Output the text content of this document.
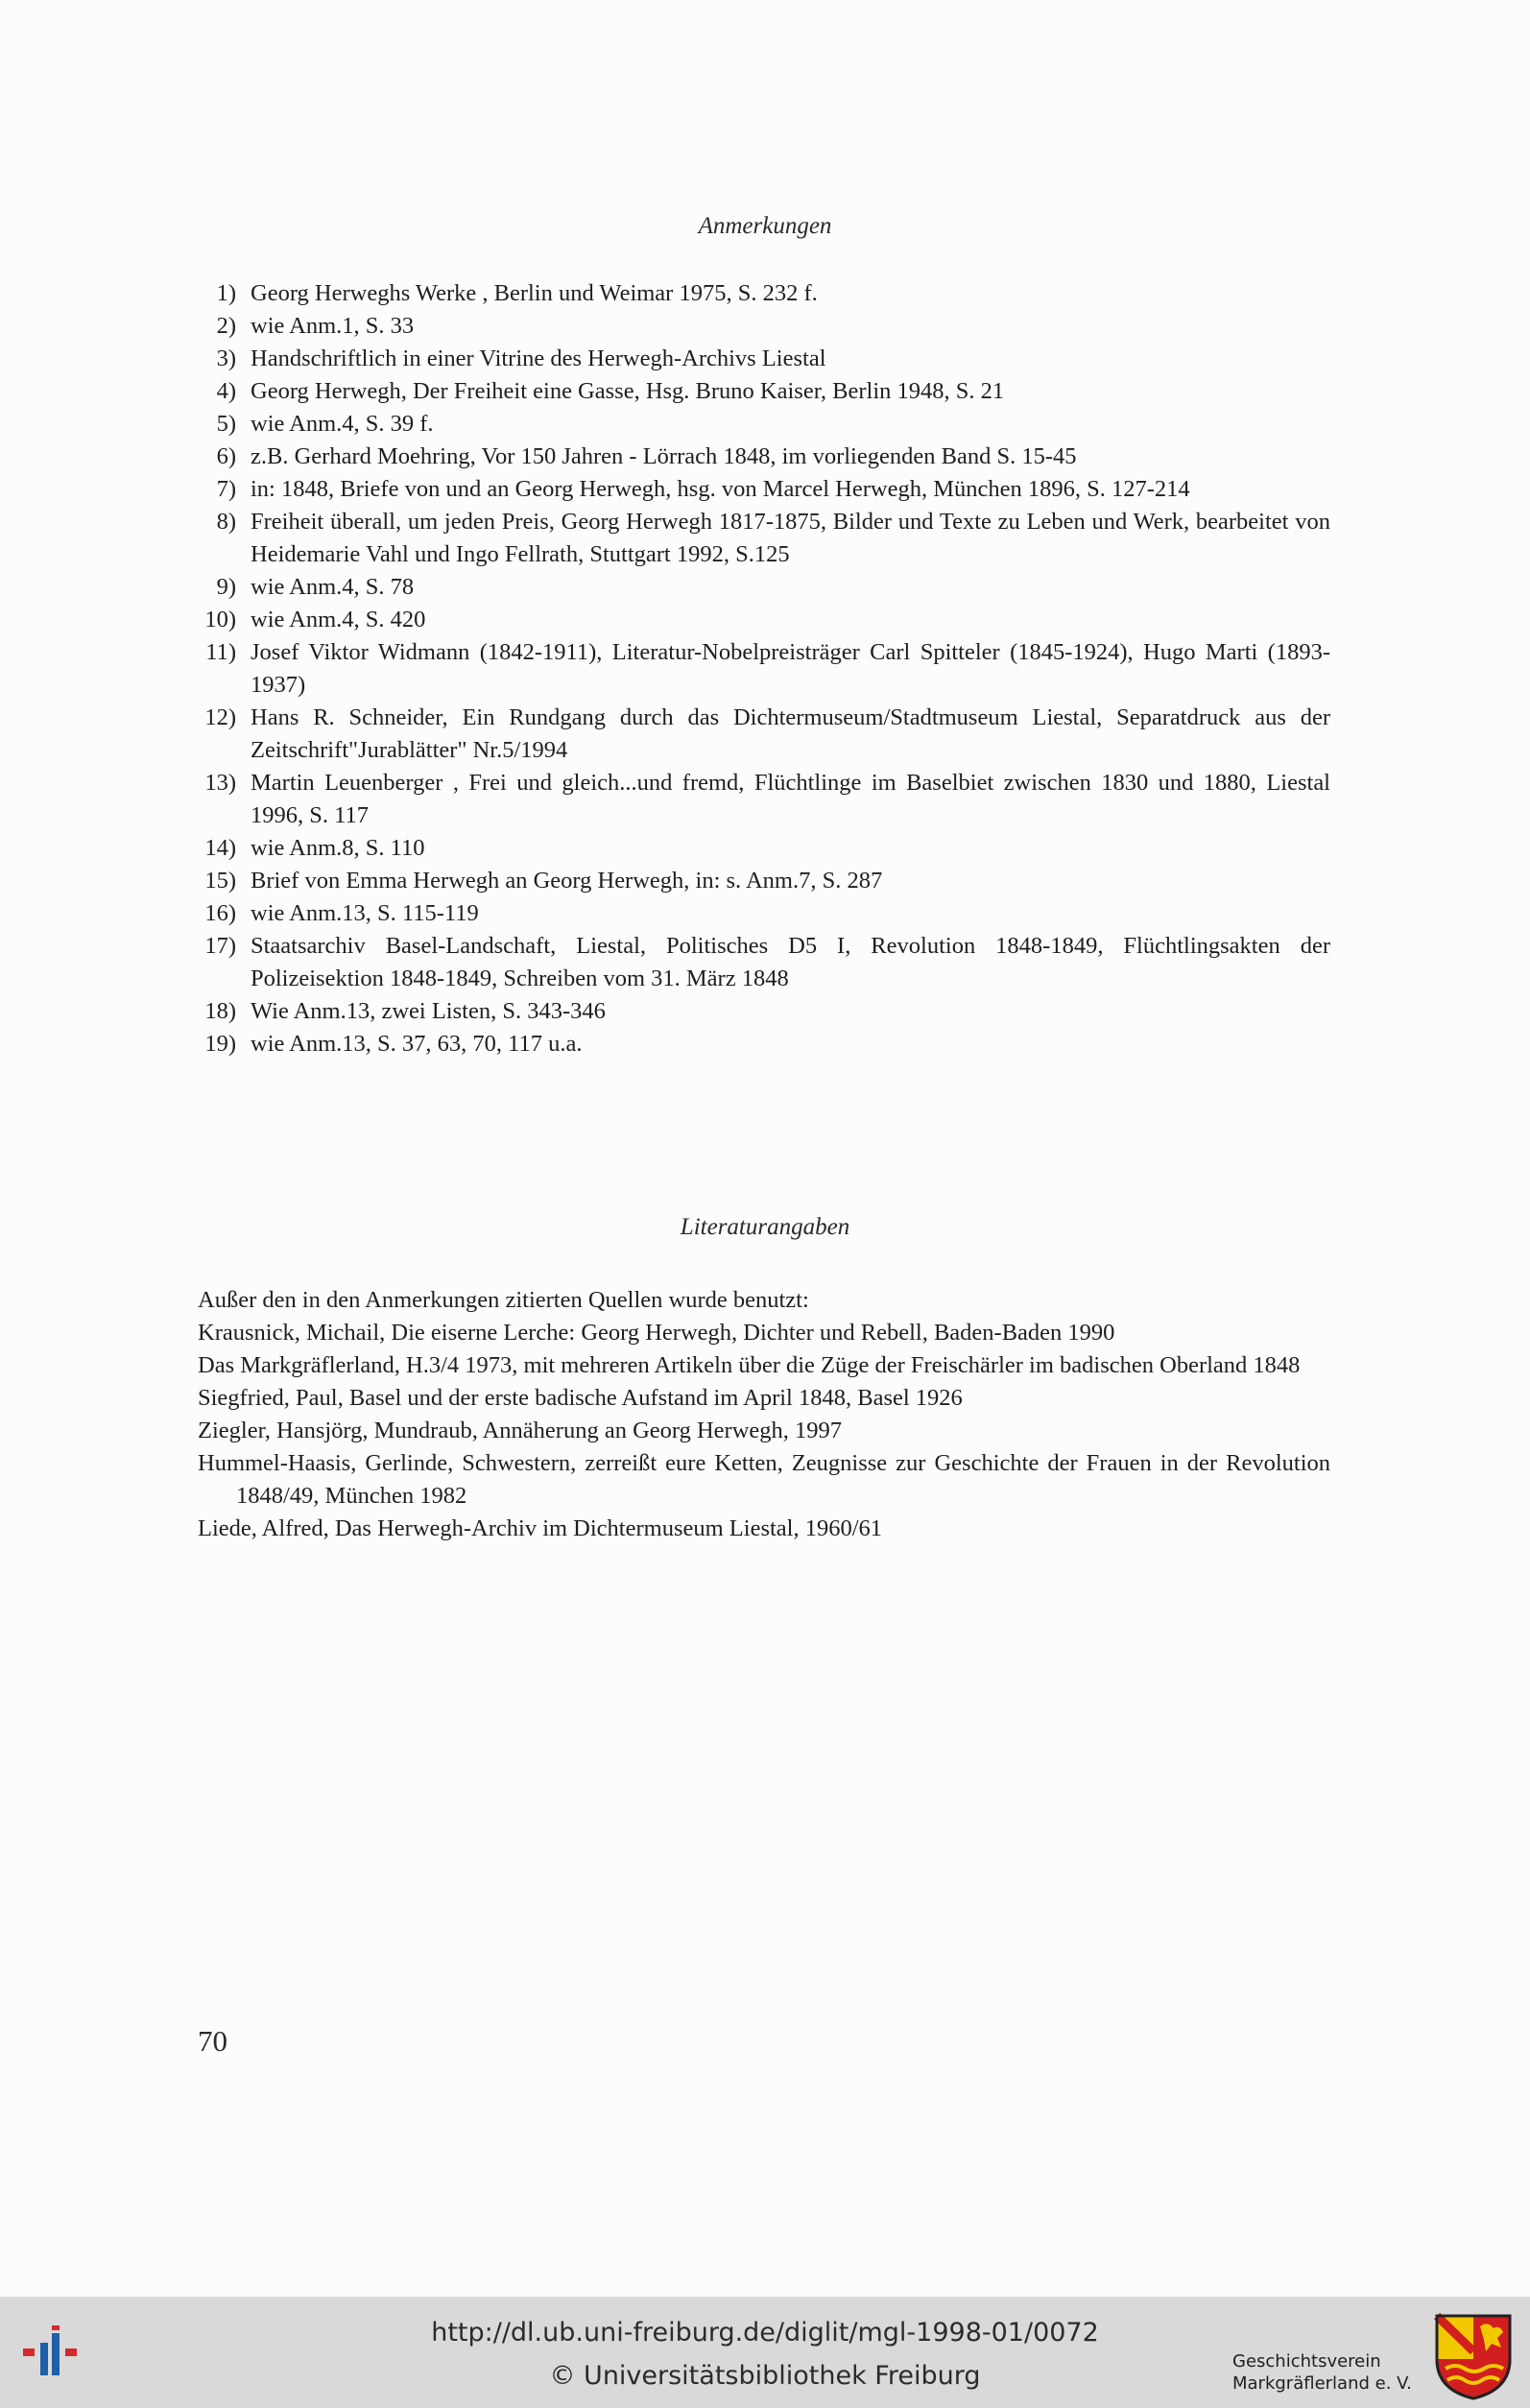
Anmerkungen
1) Georg Herweghs Werke , Berlin und Weimar 1975, S. 232 f.
2) wie Anm.1, S. 33
3) Handschriftlich in einer Vitrine des Herwegh-Archivs Liestal
4) Georg Herwegh, Der Freiheit eine Gasse, Hsg. Bruno Kaiser, Berlin 1948, S. 21
5) wie Anm.4, S. 39 f.
6) z.B. Gerhard Moehring, Vor 150 Jahren - Lörrach 1848, im vorliegenden Band S. 15-45
7) in: 1848, Briefe von und an Georg Herwegh, hsg. von Marcel Herwegh, München 1896, S. 127-214
8) Freiheit überall, um jeden Preis, Georg Herwegh 1817-1875, Bilder und Texte zu Leben und Werk, bearbeitet von Heidemarie Vahl und Ingo Fellrath, Stuttgart 1992, S.125
9) wie Anm.4, S. 78
10) wie Anm.4, S. 420
11) Josef Viktor Widmann (1842-1911), Literatur-Nobelpreisträger Carl Spitteler (1845-1924), Hugo Marti (1893-1937)
12) Hans R. Schneider, Ein Rundgang durch das Dichtermuseum/Stadtmuseum Liestal, Separatdruck aus der Zeitschrift"Jurablätter" Nr.5/1994
13) Martin Leuenberger , Frei und gleich...und fremd, Flüchtlinge im Baselbiet zwischen 1830 und 1880, Liestal 1996, S. 117
14) wie Anm.8, S. 110
15) Brief von Emma Herwegh an Georg Herwegh, in: s. Anm.7, S. 287
16) wie Anm.13, S. 115-119
17) Staatsarchiv Basel-Landschaft, Liestal, Politisches D5 I, Revolution 1848-1849, Flüchtlingsakten der Polizeisektion 1848-1849, Schreiben vom 31. März 1848
18) Wie Anm.13, zwei Listen, S. 343-346
19) wie Anm.13, S. 37, 63, 70, 117 u.a.
Literaturangaben
Außer den in den Anmerkungen zitierten Quellen wurde benutzt:
Krausnick, Michail, Die eiserne Lerche: Georg Herwegh, Dichter und Rebell, Baden-Baden 1990
Das Markgräflerland, H.3/4 1973, mit mehreren Artikeln über die Züge der Freischärler im badischen Oberland 1848
Siegfried, Paul, Basel und der erste badische Aufstand im April 1848, Basel 1926
Ziegler, Hansjörg, Mundraub, Annäherung an Georg Herwegh, 1997
Hummel-Haasis, Gerlinde, Schwestern, zerreißt eure Ketten, Zeugnisse zur Geschichte der Frauen in der Revolution 1848/49, München 1982
Liede, Alfred, Das Herwegh-Archiv im Dichtermuseum Liestal, 1960/61
70
http://dl.ub.uni-freiburg.de/diglit/mgl-1998-01/0072
© Universitätsbibliothek Freiburg	Geschichtsverein
Markgräflerland e. V.
